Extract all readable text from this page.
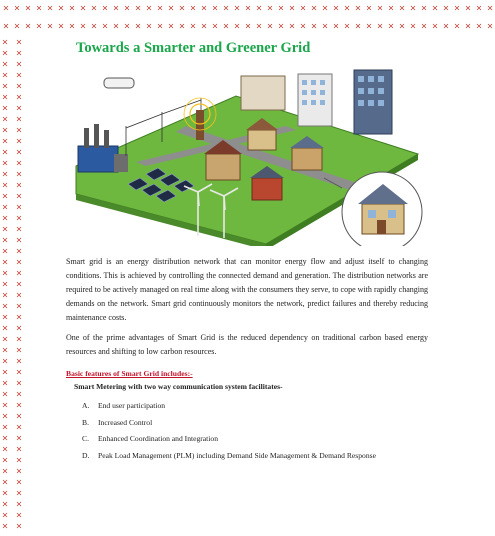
Towards a Smarter and Greener Grid

Smart grid is an energy distribution network that can monitor energy flow and adjust itself to changing conditions. This is achieved by controlling the connected demand and generation. The distribution networks are required to be actively managed on real time along with the consumers they serve, to cope with rapidly changing demands on the network. Smart grid continuously monitors the network, predict failures and thereby reducing maintenance costs.

One of the prime advantages of Smart Grid is the reduced dependency on traditional carbon based energy resources and shifting to low carbon resources.

Basic features of Smart Grid includes:-
Smart Metering with two way communication system facilitates-
A.	End user participation
B.	Increased Control
C.	Enhanced Coordination and Integration
D.	Peak Load Management (PLM) including Demand Side Management & Demand Response
